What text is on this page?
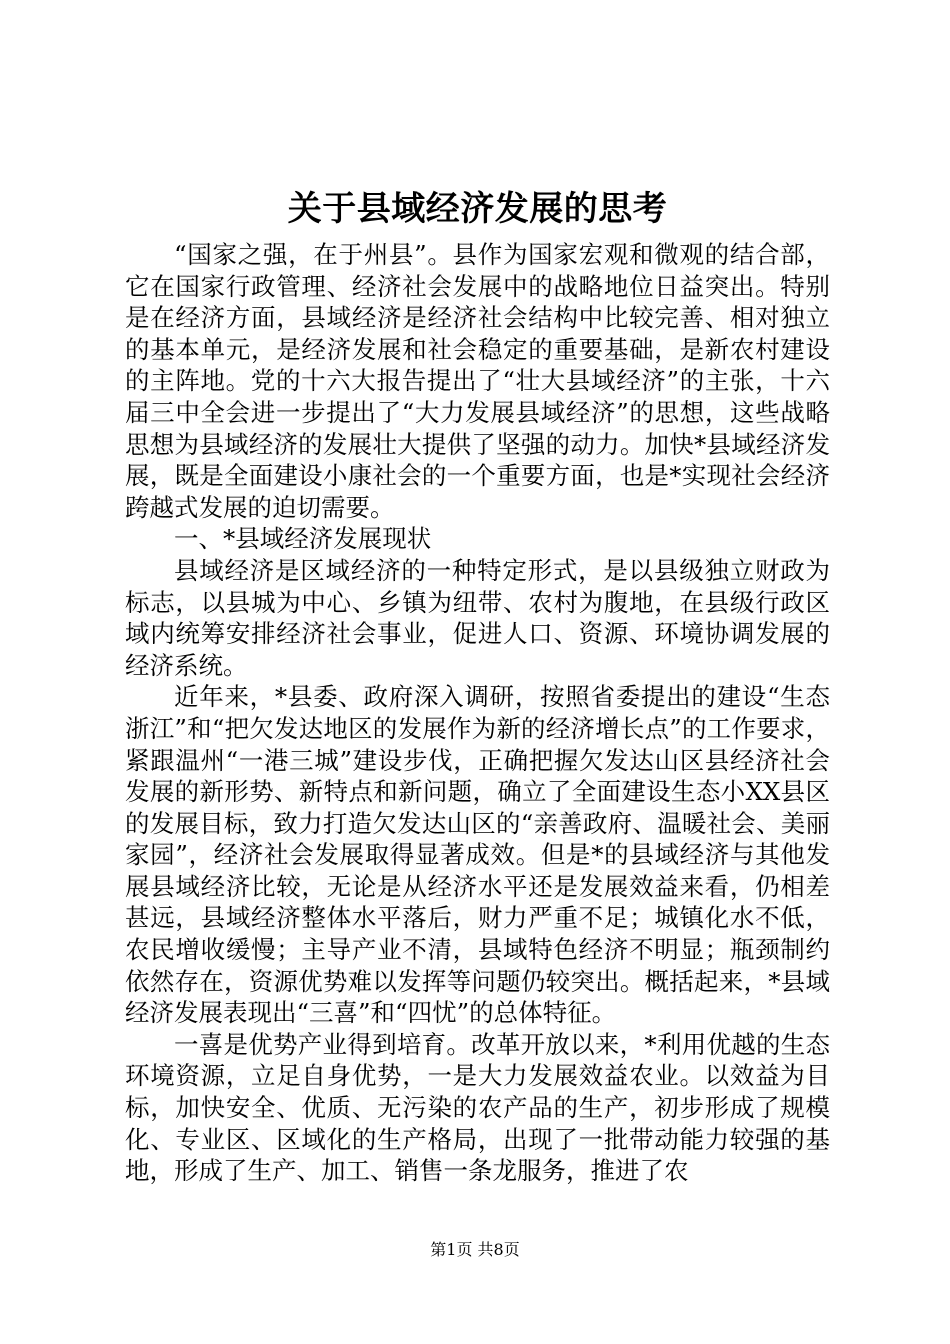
关于县域经济发展的思考

“国家之强，在于州县”。县作为国家宏观和微观的结合部，它在国家行政管理、经济社会发展中的战略地位日益突出。特别是在经济方面，县域经济是经济社会结构中比较完善、相对独立的基本单元，是经济发展和社会稳定的重要基础，是新农村建设的主阵地。党的十六大报告提出了“壮大县域经济”的主张，十六届三中全会进一步提出了“大力发展县域经济”的思想，这些战略思想为县域经济的发展壮大提供了坚强的动力。加快*县域经济发展，既是全面建设小康社会的一个重要方面，也是*实现社会经济跨越式发展的迫切需要。

一、*县域经济发展现状

县域经济是区域经济的一种特定形式，是以县级独立财政为标志，以县城为中心、乡镇为纽带、农村为腹地，在县级行政区域内统筹安排经济社会事业，促进人口、资源、环境协调发展的经济系统。

近年来，*县委、政府深入调研，按照省委提出的建设“生态浙江”和“把欠发达地区的发展作为新的经济增长点”的工作要求，紧跟温州“一港三城”建设步伐，正确把握欠发达山区县经济社会发展的新形势、新特点和新问题，确立了全面建设生态小XX县区的发展目标，致力打造欠发达山区的“亲善政府、温暖社会、美丽家园”，经济社会发展取得显著成效。但是*的县域经济与其他发展县域经济比较，无论是从经济水平还是发展效益来看，仍相差甚远，县域经济整体水平落后，财力严重不足；城镇化水不低，农民增收缓慢；主导产业不清，县域特色经济不明显；瓶颈制约依然存在，资源优势难以发挥等问题仍较突出。概括起来，*县域经济发展表现出“三喜”和“四忧”的总体特征。

一喜是优势产业得到培育。改革开放以来，*利用优越的生态环境资源，立足自身优势，一是大力发展效益农业。以效益为目标，加快安全、优质、无污染的农产品的生产，初步形成了规模化、专业区、区域化的生产格局，出现了一批带动能力较强的基地，形成了生产、加工、销售一条龙服务，推进了农

第1页 共8页
